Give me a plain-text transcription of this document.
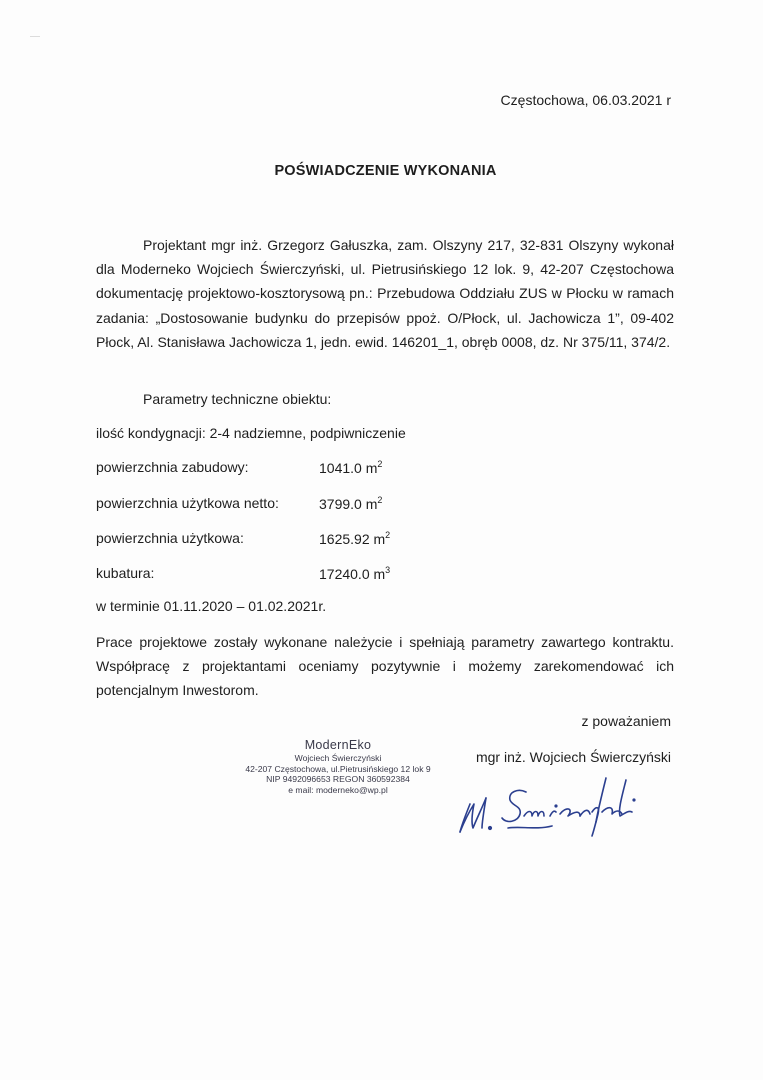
Częstochowa, 06.03.2021 r
POŚWIADCZENIE WYKONANIA
Projektant mgr inż. Grzegorz Gałuszka, zam. Olszyny 217, 32-831 Olszyny wykonał dla Moderneko Wojciech Świerczyński, ul. Pietrusińskiego 12 lok. 9, 42-207 Częstochowa dokumentację projektowo-kosztorysową pn.: Przebudowa Oddziału ZUS w Płocku w ramach zadania: „Dostosowanie budynku do przepisów ppoż. O/Płock, ul. Jachowicza 1”, 09-402 Płock, Al. Stanisława Jachowicza 1, jedn. ewid. 146201_1, obręb 0008, dz. Nr 375/11, 374/2.
Parametry techniczne obiektu:
ilość kondygnacji: 2-4 nadziemne, podpiwniczenie
powierzchnia zabudowy:	1041.0 $m^2$
powierzchnia użytkowa netto:	3799.0 $m^2$
powierzchnia użytkowa:	1625.92 $m^2$
kubatura:	17240.0 $m^3$
w terminie 01.11.2020 – 01.02.2021r.
Prace projektowe zostały wykonane należycie i spełniają parametry zawartego kontraktu. Współpracę z projektantami oceniamy pozytywnie i możemy zarekomendować ich potencjalnym Inwestorom.
z poważaniem
mgr inż. Wojciech Świerczyński
ModernEko
Wojciech Świerczyński
42-207 Częstochowa, ul.Pietrusińskiego 12 lok 9
NIP 9492096653 REGON 360592384
e mail: moderneko@wp.pl
